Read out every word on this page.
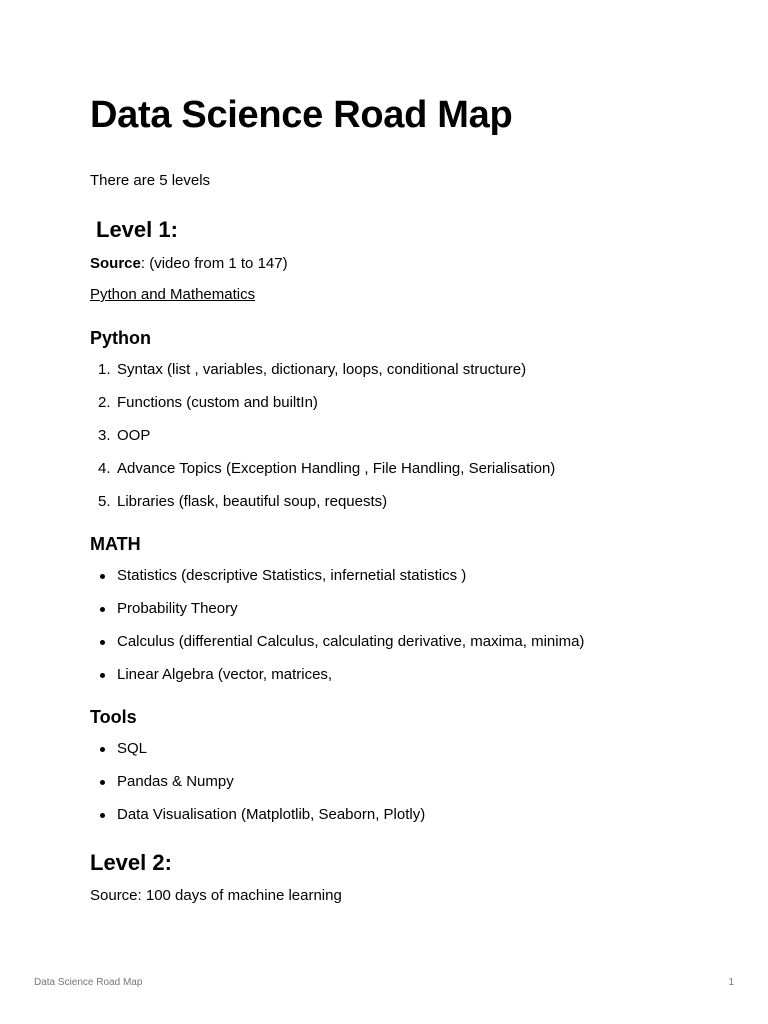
Data Science Road Map

There are 5 levels

Level 1:

Source: (video from 1 to 147)

Python and Mathematics

Python
1. Syntax (list , variables, dictionary, loops, conditional structure)
2. Functions (custom and builtIn)
3. OOP
4. Advance Topics (Exception Handling , File Handling, Serialisation)
5. Libraries (flask, beautiful soup, requests)
MATH
Statistics (descriptive Statistics, infernetial statistics )
Probability Theory
Calculus (differential Calculus, calculating derivative, maxima, minima)
Linear Algebra (vector, matrices,
Tools
SQL
Pandas & Numpy
Data Visualisation (Matplotlib, Seaborn, Plotly)
Level 2:

Source: 100 days of machine learning

Data Science Road Map	1
